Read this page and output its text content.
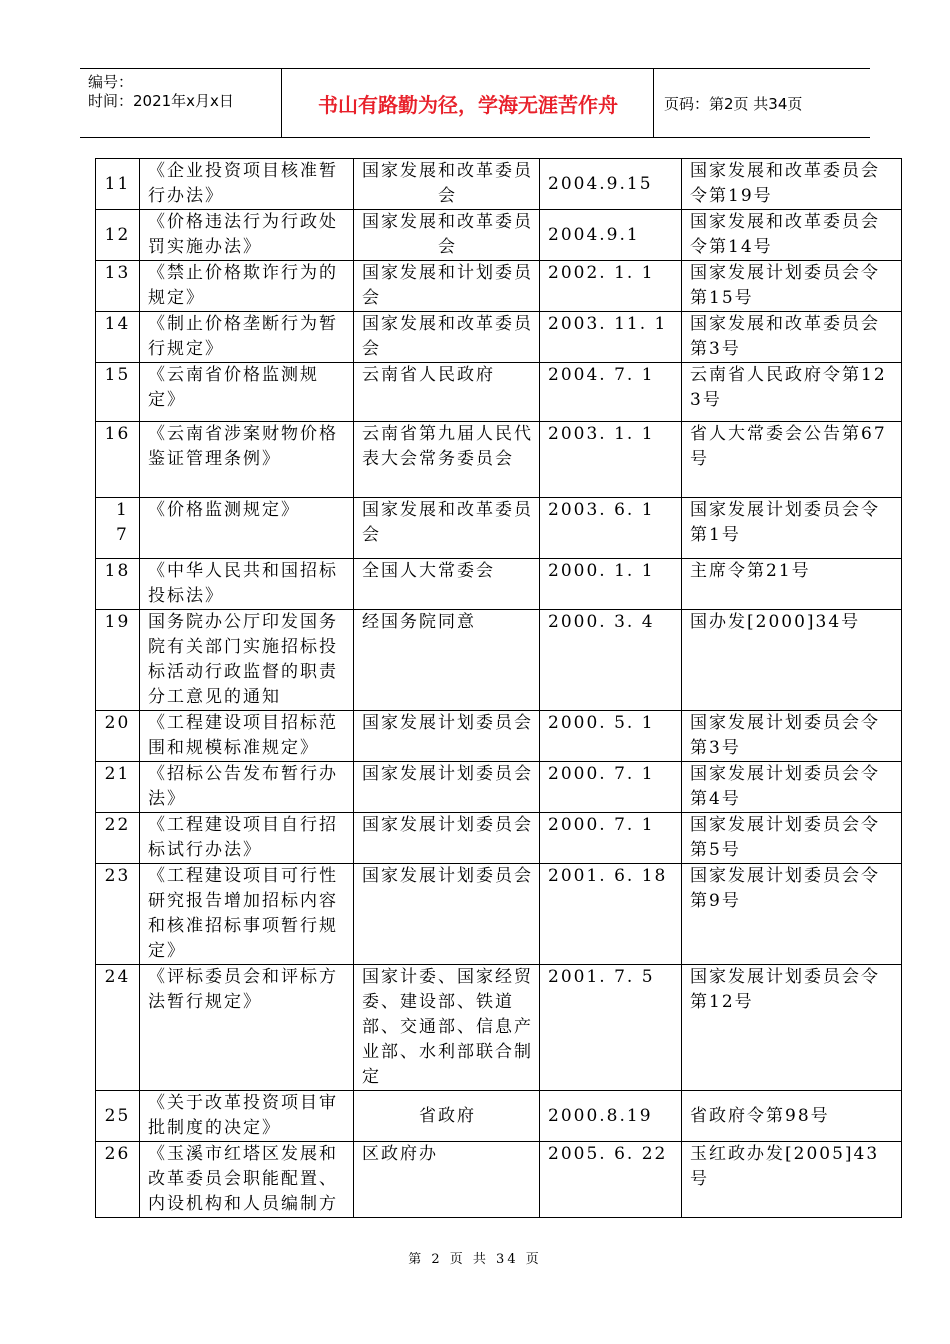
编号：
时间：2021年x月x日	书山有路勤为径，学海无涯苦作舟	页码：第2页 共34页
11	《企业投资项目核准暂行办法》	国家发展和改革委员会	2004.9.15	国家发展和改革委员会令第19号
12	《价格违法行为行政处罚实施办法》	国家发展和改革委员会	2004.9.1	国家发展和改革委员会令第14号
13	《禁止价格欺诈行为的规定》	国家发展和计划委员会	2002. 1. 1	国家发展计划委员会令第15号
14	《制止价格垄断行为暂行规定》	国家发展和改革委员会	2003. 11. 1	国家发展和改革委员会第3号
15	《云南省价格监测规定》	云南省人民政府	2004. 7. 1	云南省人民政府令第123号
16	《云南省涉案财物价格鉴证管理条例》	云南省第九届人民代表大会常务委员会	2003. 1. 1	省人大常委会公告第67号
17	《价格监测规定》	国家发展和改革委员会	2003. 6. 1	国家发展计划委员会令第1号
18	《中华人民共和国招标投标法》	全国人大常委会	2000. 1. 1	主席令第21号
19	国务院办公厅印发国务院有关部门实施招标投标活动行政监督的职责分工意见的通知	经国务院同意	2000. 3. 4	国办发[2000]34号
20	《工程建设项目招标范围和规模标准规定》	国家发展计划委员会	2000. 5. 1	国家发展计划委员会令第3号
21	《招标公告发布暂行办法》	国家发展计划委员会	2000. 7. 1	国家发展计划委员会令第4号
22	《工程建设项目自行招标试行办法》	国家发展计划委员会	2000. 7. 1	国家发展计划委员会令第5号
23	《工程建设项目可行性研究报告增加招标内容和核准招标事项暂行规定》	国家发展计划委员会	2001. 6. 18	国家发展计划委员会令第9号
24	《评标委员会和评标方法暂行规定》	国家计委、国家经贸委、建设部、铁道部、交通部、信息产业部、水利部联合制定	2001. 7. 5	国家发展计划委员会令第12号
25	《关于改革投资项目审批制度的决定》	省政府	2000.8.19	省政府令第98号
26	《玉溪市红塔区发展和改革委员会职能配置、内设机构和人员编制方	区政府办	2005. 6. 22	玉红政办发[2005]43号
第 2 页 共 34 页
